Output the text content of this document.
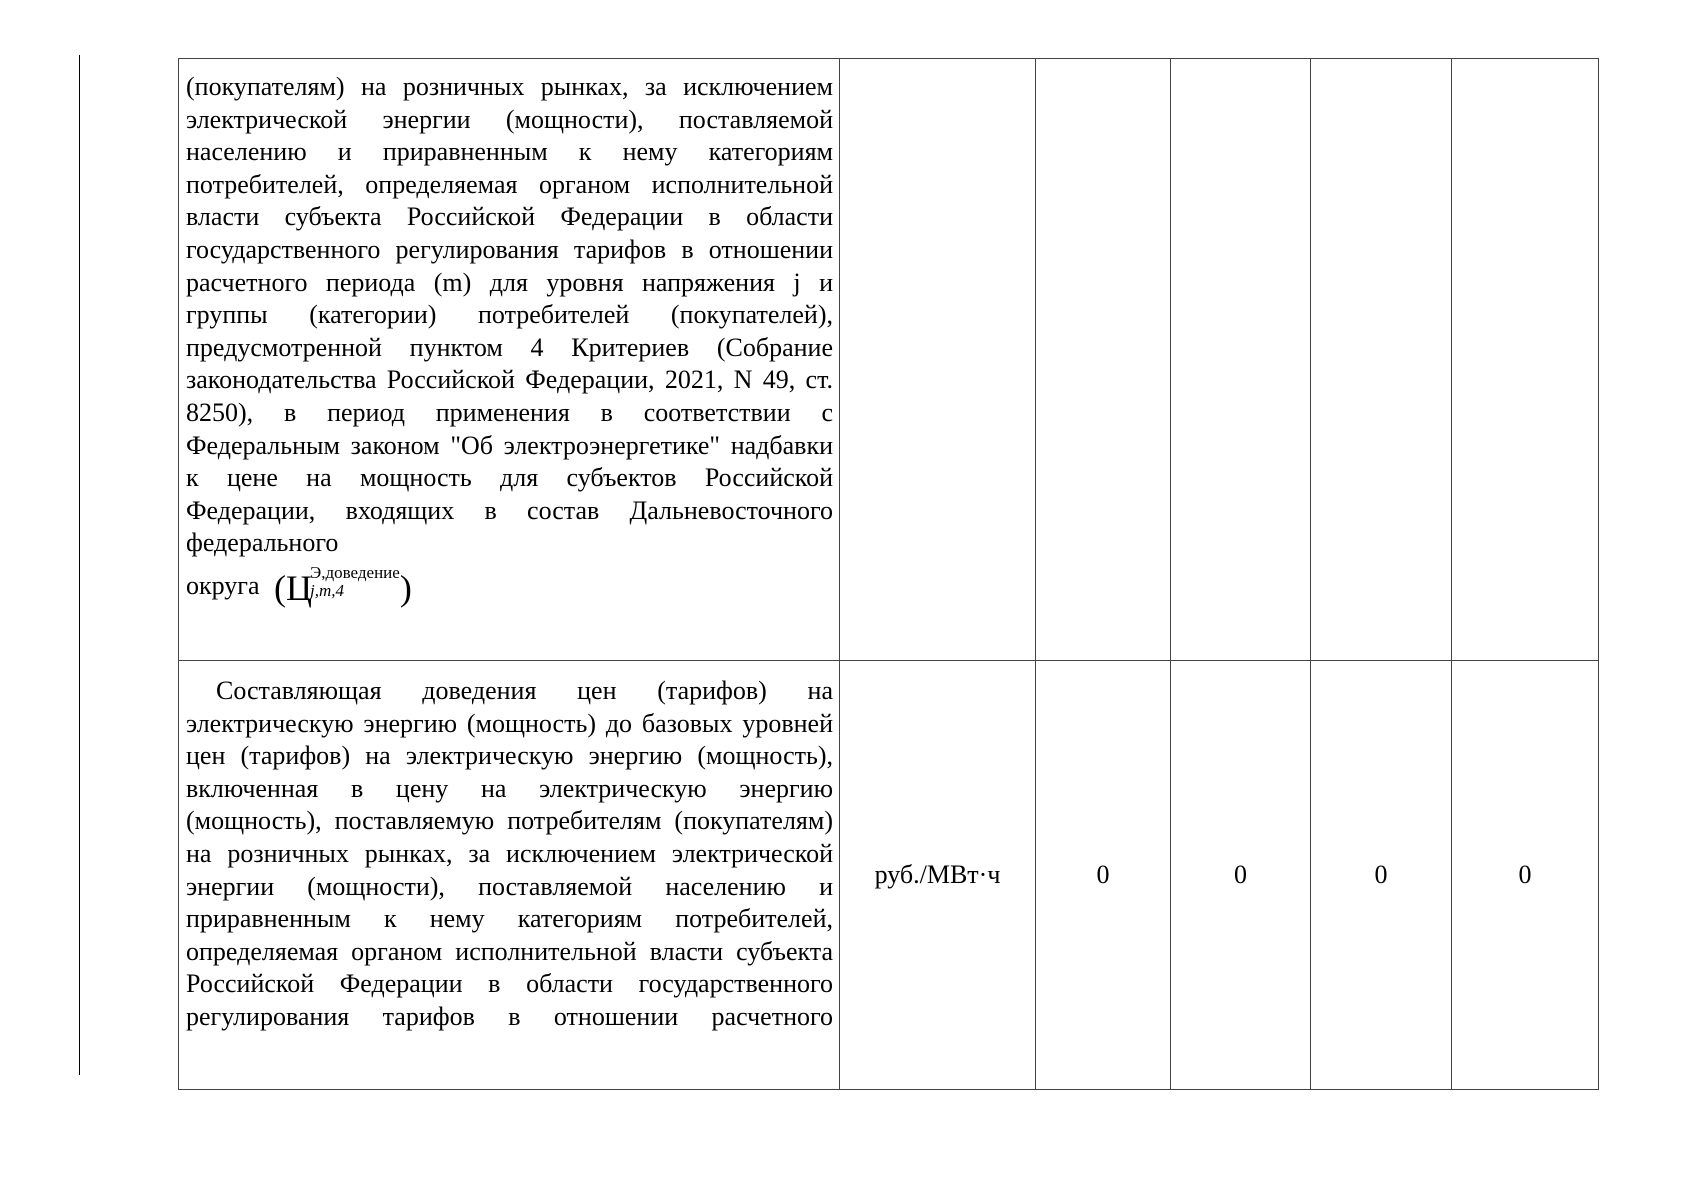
(покупателям) на розничных рынках, за исключением электрической энергии (мощности), поставляемой населению и приравненным к нему категориям потребителей, определяемая органом исполнительной власти субъекта Российской Федерации в области государственного регулирования тарифов в отношении расчетного периода (m) для уровня напряжения j и группы (категории) потребителей (покупателей), предусмотренной пунктом 4 Критериев (Собрание законодательства Российской Федерации, 2021, N 49, ст. 8250), в период применения в соответствии с Федеральным законом "Об электроэнергетике" надбавки к цене на мощность для субъектов Российской Федерации, входящих в состав Дальневосточного федерального
округа (Ц
Э,доведение
j,m,4 )					

Составляющая доведения цен (тарифов) на электрическую энергию (мощность) до базовых уровней цен (тарифов) на электрическую энергию (мощность), включенная в цену на электрическую энергию (мощность), поставляемую потребителям (покупателям) на розничных рынках, за исключением электрической энергии (мощности), поставляемой населению и приравненным к нему категориям потребителей, определяемая органом исполнительной власти субъекта Российской Федерации в области государственного регулирования тарифов в отношении расчетного	руб./МВт·ч	0	0	0	0
